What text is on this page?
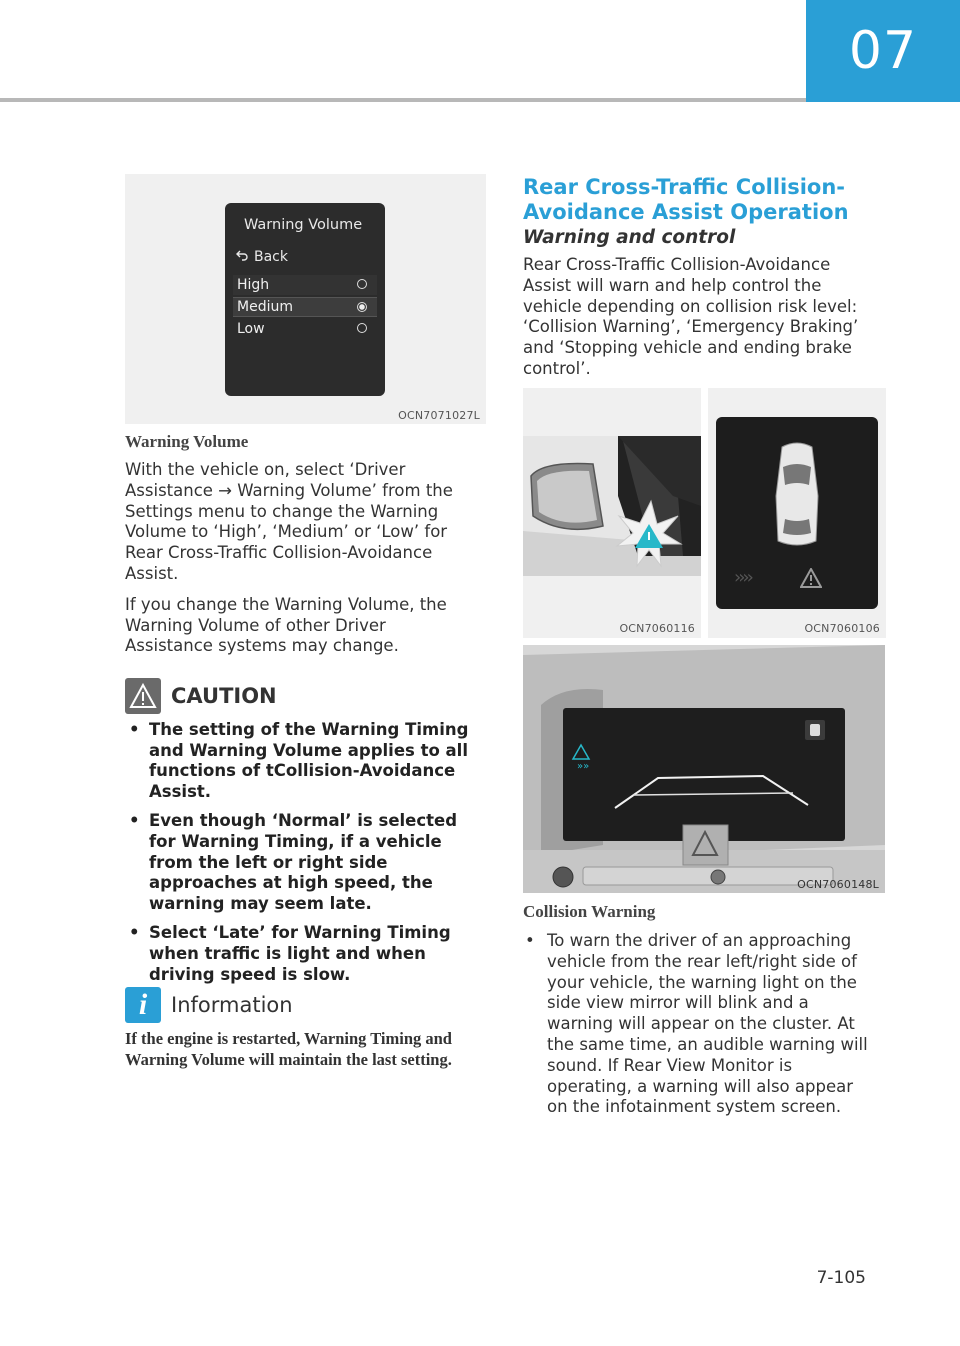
07
Warning Volume
Back
High
Medium
Low
OCN7071027L
Warning Volume

With the vehicle on, select ‘Driver Assistance → Warning Volume’ from the Settings menu to change the Warning Volume to ‘High’, ‘Medium’ or ‘Low’ for Rear Cross-Traffic Collision-Avoidance Assist.

If you change the Warning Volume, the Warning Volume of other Driver Assistance systems may change.

CAUTION
• The setting of the Warning Timing and Warning Volume applies to all functions of tCollision-Avoidance Assist.
• Even though ‘Normal’ is selected for Warning Timing, if a vehicle from the left or right side approaches at high speed, the warning may seem late.
• Select ‘Late’ for Warning Timing when traffic is light and when driving speed is slow.
i	Information
If the engine is restarted, Warning Timing and Warning Volume will maintain the last setting.
Rear Cross-Traffic Collision-Avoidance Assist Operation
Warning and control
Rear Cross-Traffic Collision-Avoidance Assist will warn and help control the vehicle depending on collision risk level: ‘Collision Warning’, ‘Emergency Braking’ and ‘Stopping vehicle and ending brake control’.
OCN7060116
››››
OCN7060106
»»
OCN7060148L
Collision Warning
• To warn the driver of an approaching vehicle from the rear left/right side of your vehicle, the warning light on the side view mirror will blink and a warning will appear on the cluster. At the same time, an audible warning will sound. If Rear View Monitor is operating, a warning will also appear on the infotainment system screen.
7-105
